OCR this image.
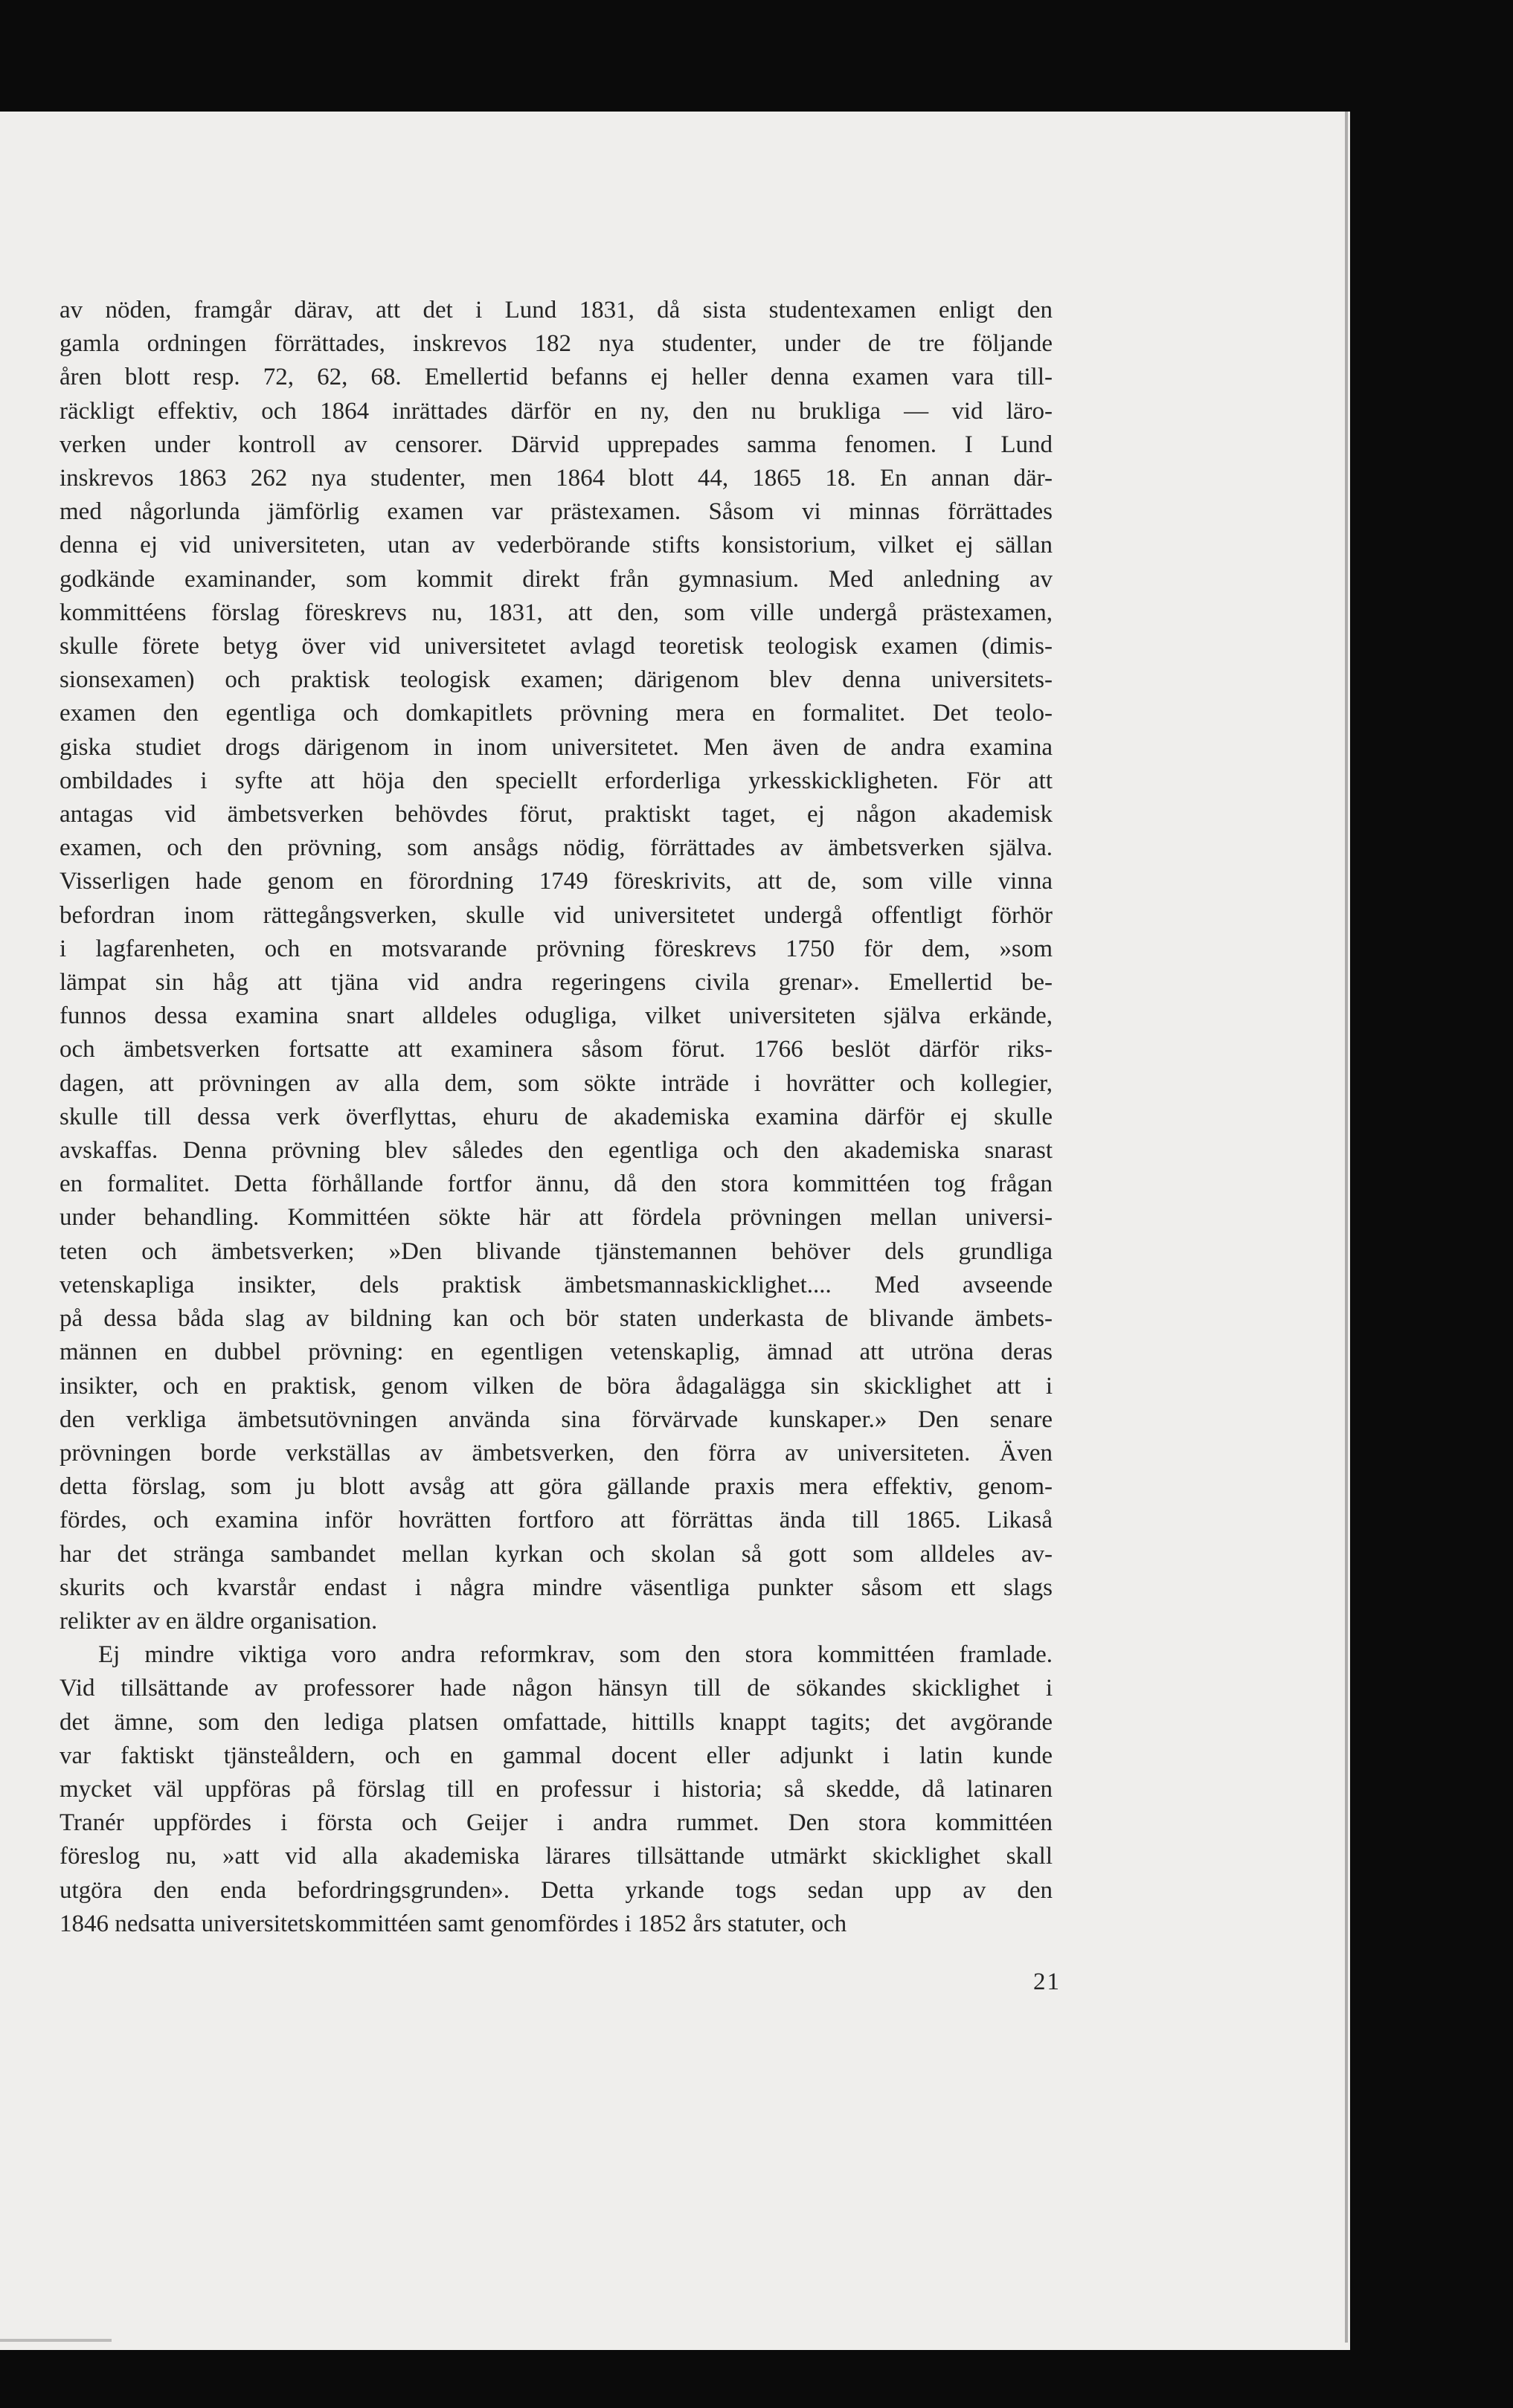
av nöden, framgår därav, att det i Lund 1831, då sista studentexamen enligt den
gamla ordningen förrättades, inskrevos 182 nya studenter, under de tre följande
åren blott resp. 72, 62, 68. Emellertid befanns ej heller denna examen vara till-
räckligt effektiv, och 1864 inrättades därför en ny, den nu brukliga — vid läro-
verken under kontroll av censorer. Därvid upprepades samma fenomen. I Lund
inskrevos 1863 262 nya studenter, men 1864 blott 44, 1865 18. En annan där-
med någorlunda jämförlig examen var prästexamen. Såsom vi minnas förrättades
denna ej vid universiteten, utan av vederbörande stifts konsistorium, vilket ej sällan
godkände examinander, som kommit direkt från gymnasium. Med anledning av
kommittéens förslag föreskrevs nu, 1831, att den, som ville undergå prästexamen,
skulle förete betyg över vid universitetet avlagd teoretisk teologisk examen (dimis-
sionsexamen) och praktisk teologisk examen; därigenom blev denna universitets-
examen den egentliga och domkapitlets prövning mera en formalitet. Det teolo-
giska studiet drogs därigenom in inom universitetet. Men även de andra examina
ombildades i syfte att höja den speciellt erforderliga yrkesskickligheten. För att
antagas vid ämbetsverken behövdes förut, praktiskt taget, ej någon akademisk
examen, och den prövning, som ansågs nödig, förrättades av ämbetsverken själva.
Visserligen hade genom en förordning 1749 föreskrivits, att de, som ville vinna
befordran inom rättegångsverken, skulle vid universitetet undergå offentligt förhör
i lagfarenheten, och en motsvarande prövning föreskrevs 1750 för dem, »som
lämpat sin håg att tjäna vid andra regeringens civila grenar». Emellertid be-
funnos dessa examina snart alldeles odugliga, vilket universiteten själva erkände,
och ämbetsverken fortsatte att examinera såsom förut. 1766 beslöt därför riks-
dagen, att prövningen av alla dem, som sökte inträde i hovrätter och kollegier,
skulle till dessa verk överflyttas, ehuru de akademiska examina därför ej skulle
avskaffas. Denna prövning blev således den egentliga och den akademiska snarast
en formalitet. Detta förhållande fortfor ännu, då den stora kommittéen tog frågan
under behandling. Kommittéen sökte här att fördela prövningen mellan universi-
teten och ämbetsverken; »Den blivande tjänstemannen behöver dels grundliga
vetenskapliga insikter, dels praktisk ämbetsmannaskicklighet.... Med avseende
på dessa båda slag av bildning kan och bör staten underkasta de blivande ämbets-
männen en dubbel prövning: en egentligen vetenskaplig, ämnad att utröna deras
insikter, och en praktisk, genom vilken de böra ådagalägga sin skicklighet att i
den verkliga ämbetsutövningen använda sina förvärvade kunskaper.» Den senare
prövningen borde verkställas av ämbetsverken, den förra av universiteten. Även
detta förslag, som ju blott avsåg att göra gällande praxis mera effektiv, genom-
fördes, och examina inför hovrätten fortforo att förrättas ända till 1865. Likaså
har det stränga sambandet mellan kyrkan och skolan så gott som alldeles av-
skurits och kvarstår endast i några mindre väsentliga punkter såsom ett slags
relikter av en äldre organisation.
Ej mindre viktiga voro andra reformkrav, som den stora kommittéen framlade.
Vid tillsättande av professorer hade någon hänsyn till de sökandes skicklighet i
det ämne, som den lediga platsen omfattade, hittills knappt tagits; det avgörande
var faktiskt tjänsteåldern, och en gammal docent eller adjunkt i latin kunde
mycket väl uppföras på förslag till en professur i historia; så skedde, då latinaren
Tranér uppfördes i första och Geijer i andra rummet. Den stora kommittéen
föreslog nu, »att vid alla akademiska lärares tillsättande utmärkt skicklighet skall
utgöra den enda befordringsgrunden». Detta yrkande togs sedan upp av den
1846 nedsatta universitetskommittéen samt genomfördes i 1852 års statuter, och
21
